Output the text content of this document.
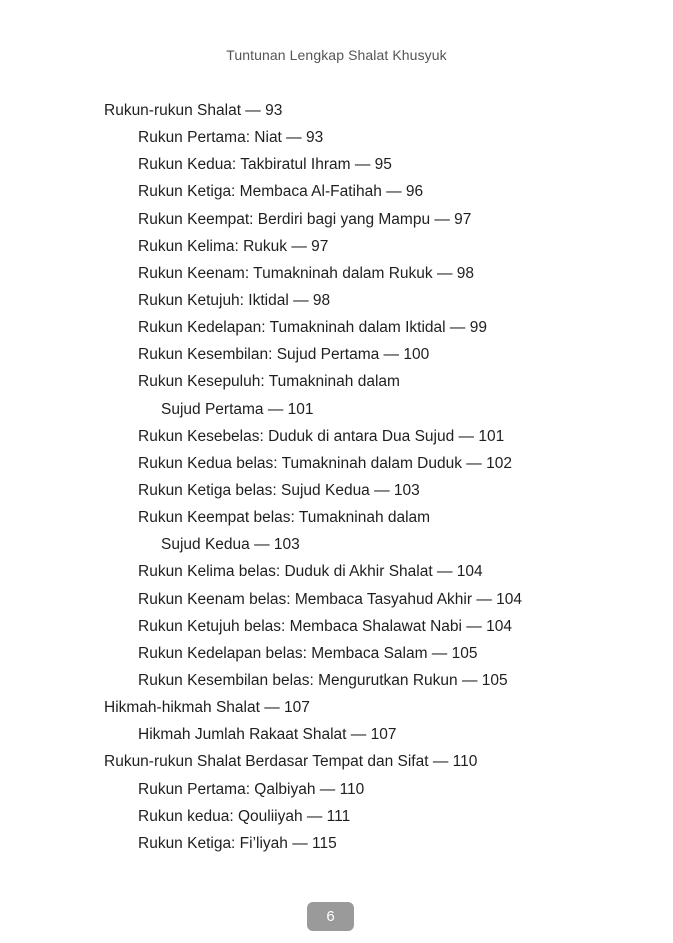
Tuntunan Lengkap Shalat Khusyuk
Rukun-rukun Shalat — 93
Rukun Pertama: Niat — 93
Rukun Kedua: Takbiratul Ihram — 95
Rukun Ketiga: Membaca Al-Fatihah — 96
Rukun Keempat: Berdiri bagi yang Mampu — 97
Rukun Kelima: Rukuk — 97
Rukun Keenam: Tumakninah dalam Rukuk — 98
Rukun Ketujuh: Iktidal — 98
Rukun Kedelapan: Tumakninah dalam Iktidal — 99
Rukun Kesembilan: Sujud Pertama — 100
Rukun Kesepuluh: Tumakninah dalam
Sujud Pertama — 101
Rukun Kesebelas: Duduk di antara Dua Sujud — 101
Rukun Kedua belas: Tumakninah dalam Duduk — 102
Rukun Ketiga belas: Sujud Kedua — 103
Rukun Keempat belas: Tumakninah dalam
Sujud Kedua — 103
Rukun Kelima belas: Duduk di Akhir Shalat — 104
Rukun Keenam belas: Membaca Tasyahud Akhir — 104
Rukun Ketujuh belas: Membaca Shalawat Nabi — 104
Rukun Kedelapan belas: Membaca Salam — 105
Rukun Kesembilan belas: Mengurutkan Rukun — 105
Hikmah-hikmah Shalat — 107
Hikmah Jumlah Rakaat Shalat — 107
Rukun-rukun Shalat Berdasar Tempat dan Sifat — 110
Rukun Pertama: Qalbiyah — 110
Rukun kedua: Qouliiyah — 111
Rukun Ketiga: Fi’liyah — 115
6
